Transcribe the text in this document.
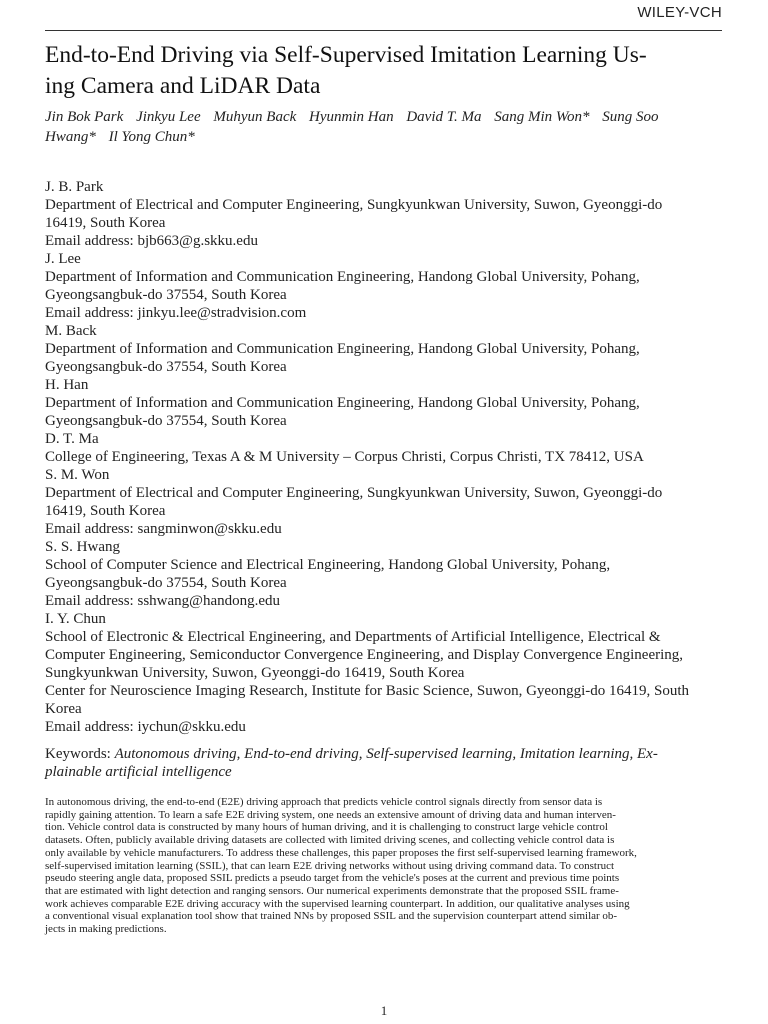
WILEY-VCH
End-to-End Driving via Self-Supervised Imitation Learning Us-
ing Camera and LiDAR Data
Jin Bok Park Jinkyu Lee Muhyun Back Hyunmin Han David T. Ma Sang Min Won* Sung Soo
Hwang* Il Yong Chun*
J. B. Park
Department of Electrical and Computer Engineering, Sungkyunkwan University, Suwon, Gyeonggi-do
16419, South Korea
Email address: bjb663@g.skku.edu
J. Lee
Department of Information and Communication Engineering, Handong Global University, Pohang,
Gyeongsangbuk-do 37554, South Korea
Email address: jinkyu.lee@stradvision.com
M. Back
Department of Information and Communication Engineering, Handong Global University, Pohang,
Gyeongsangbuk-do 37554, South Korea
H. Han
Department of Information and Communication Engineering, Handong Global University, Pohang,
Gyeongsangbuk-do 37554, South Korea
D. T. Ma
College of Engineering, Texas A & M University – Corpus Christi, Corpus Christi, TX 78412, USA
S. M. Won
Department of Electrical and Computer Engineering, Sungkyunkwan University, Suwon, Gyeonggi-do
16419, South Korea
Email address: sangminwon@skku.edu
S. S. Hwang
School of Computer Science and Electrical Engineering, Handong Global University, Pohang,
Gyeongsangbuk-do 37554, South Korea
Email address: sshwang@handong.edu
I. Y. Chun
School of Electronic & Electrical Engineering, and Departments of Artificial Intelligence, Electrical &
Computer Engineering, Semiconductor Convergence Engineering, and Display Convergence Engineering,
Sungkyunkwan University, Suwon, Gyeonggi-do 16419, South Korea
Center for Neuroscience Imaging Research, Institute for Basic Science, Suwon, Gyeonggi-do 16419, South
Korea
Email address: iychun@skku.edu
Keywords: Autonomous driving, End-to-end driving, Self-supervised learning, Imitation learning, Ex-
plainable artificial intelligence
In autonomous driving, the end-to-end (E2E) driving approach that predicts vehicle control signals directly from sensor data is
rapidly gaining attention. To learn a safe E2E driving system, one needs an extensive amount of driving data and human interven-
tion. Vehicle control data is constructed by many hours of human driving, and it is challenging to construct large vehicle control
datasets. Often, publicly available driving datasets are collected with limited driving scenes, and collecting vehicle control data is
only available by vehicle manufacturers. To address these challenges, this paper proposes the first self-supervised learning framework,
self-supervised imitation learning (SSIL), that can learn E2E driving networks without using driving command data. To construct
pseudo steering angle data, proposed SSIL predicts a pseudo target from the vehicle's poses at the current and previous time points
that are estimated with light detection and ranging sensors. Our numerical experiments demonstrate that the proposed SSIL frame-
work achieves comparable E2E driving accuracy with the supervised learning counterpart. In addition, our qualitative analyses using
a conventional visual explanation tool show that trained NNs by proposed SSIL and the supervision counterpart attend similar ob-
jects in making predictions.
1
